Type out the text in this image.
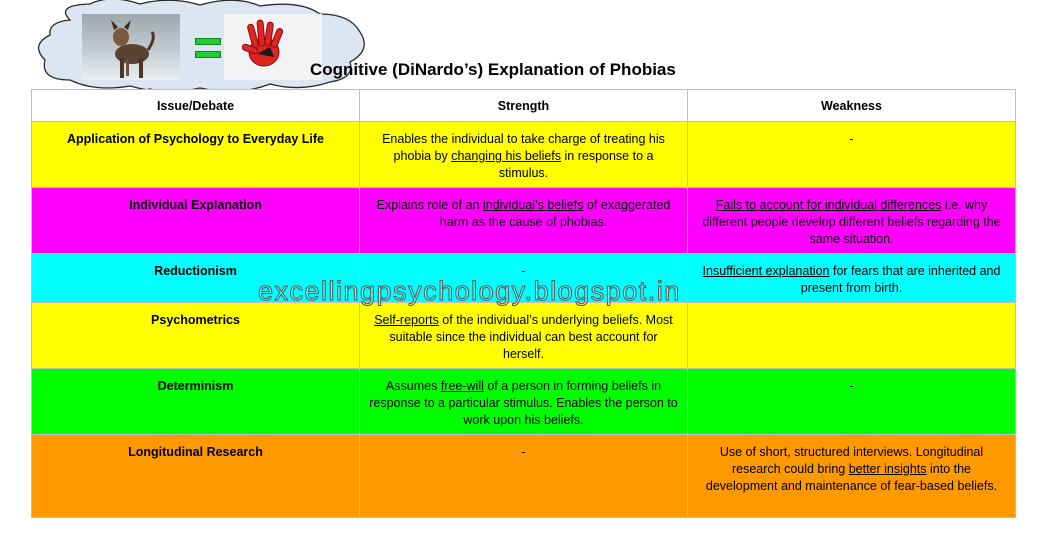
Cognitive (DiNardo’s) Explanation of Phobias
Issue/Debate	Strength	Weakness
Application of Psychology to Everyday Life	Enables the individual to take charge of treating his phobia by changing his beliefs in response to a stimulus.	-
Individual Explanation	Explains role of an individual’s beliefs of exaggerated harm as the cause of phobias.	Fails to account for individual differences i.e. why different people develop different beliefs regarding the same situation.
Reductionism	-	Insufficient explanation for fears that are inherited and present from birth.
Psychometrics	Self-reports of the individual’s underlying beliefs. Most suitable since the individual can best account for herself.	
Determinism	Assumes free-will of a person in forming beliefs in response to a particular stimulus. Enables the person to work upon his beliefs.	-
Longitudinal Research	-	Use of short, structured interviews. Longitudinal research could bring better insights into the development and maintenance of fear-based beliefs.
excellingpsychology.blogspot.in
